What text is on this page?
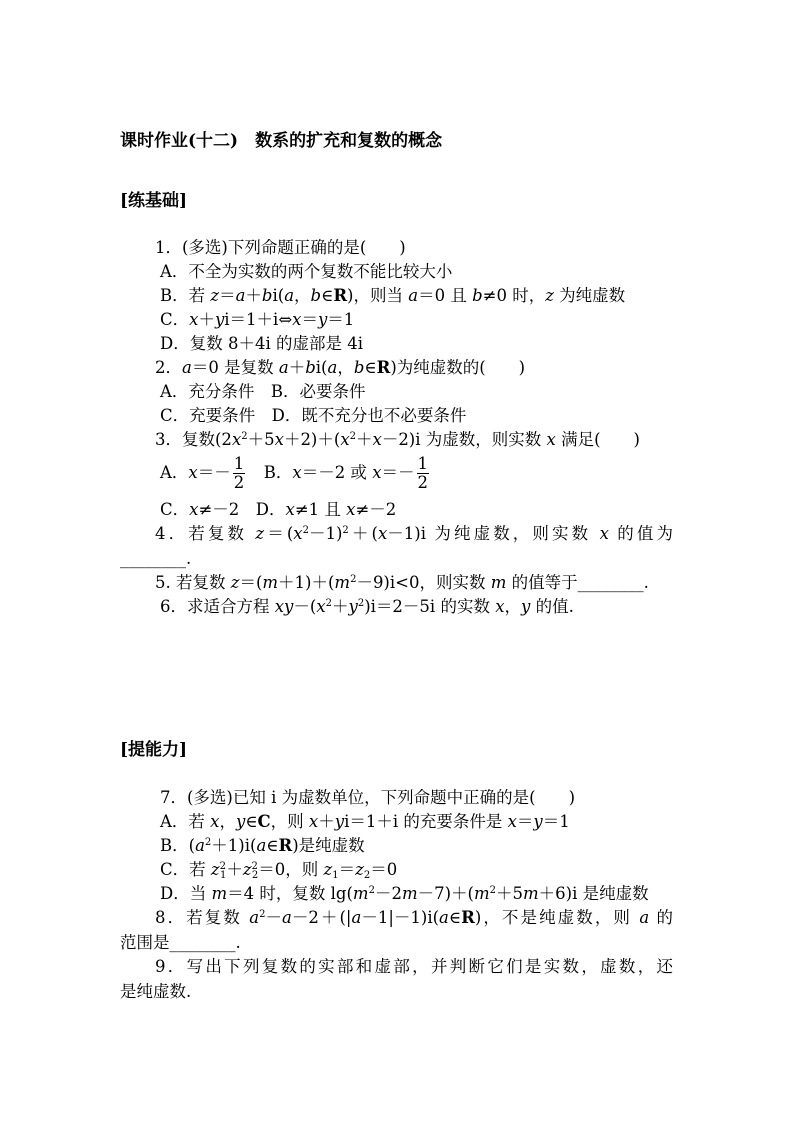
课时作业(十二)　数系的扩充和复数的概念
[练基础]
1．(多选)下列命题正确的是(　　)
A．不全为实数的两个复数不能比较大小
B．若 z＝a＋bi(a，b∈R)，则当 a＝0 且 b≠0 时，z 为纯虚数
C．x＋yi＝1＋i⇔x＝y＝1
D．复数 8＋4i 的虚部是 4i
2．a＝0 是复数 a＋bi(a，b∈R)为纯虚数的(　　)
A．充分条件　B．必要条件
C．充要条件　D．既不充分也不必要条件
3．复数$(2x^2+5x+2)+(x^2+x-2)i$ 为虚数，则实数 x 满足(　　)
A．$x=- \frac{1}{2}$ 　B．x＝－2 或 $x=- \frac{1}{2}$
C．x≠－2　D．x≠1 且 x≠－2
4．若复数 $z=(x^2-1)^2+(x-1)i$ 为纯虚数，则实数 x 的值为
________.
5. 若复数 $z=(m+1)+(m^2-9)i<0$，则实数 m 的值等于________.
6．求适合方程 $xy-(x^2+y^2)i=2-5i$ 的实数 x，y 的值.
[提能力]
7．(多选)已知 i 为虚数单位，下列命题中正确的是(　　)
A．若 x，y∈C，则 x＋yi＝1＋i 的充要条件是 x＝y＝1
B．$(a^2+1)i(a\in R)$是纯虚数
C．若 $z^2_1+z^2_2=0$，则 $z_1=z_2=0$
D．当 m＝4 时，复数 $\lg(m^2-2m-7)+(m^2+5m+6)i$ 是纯虚数
8．若复数 $a^2-a-2+(|a-1|-1)i(a\in R)$，不是纯虚数，则 a 的
范围是________.
9．写出下列复数的实部和虚部，并判断它们是实数，虚数，还
是纯虚数.
